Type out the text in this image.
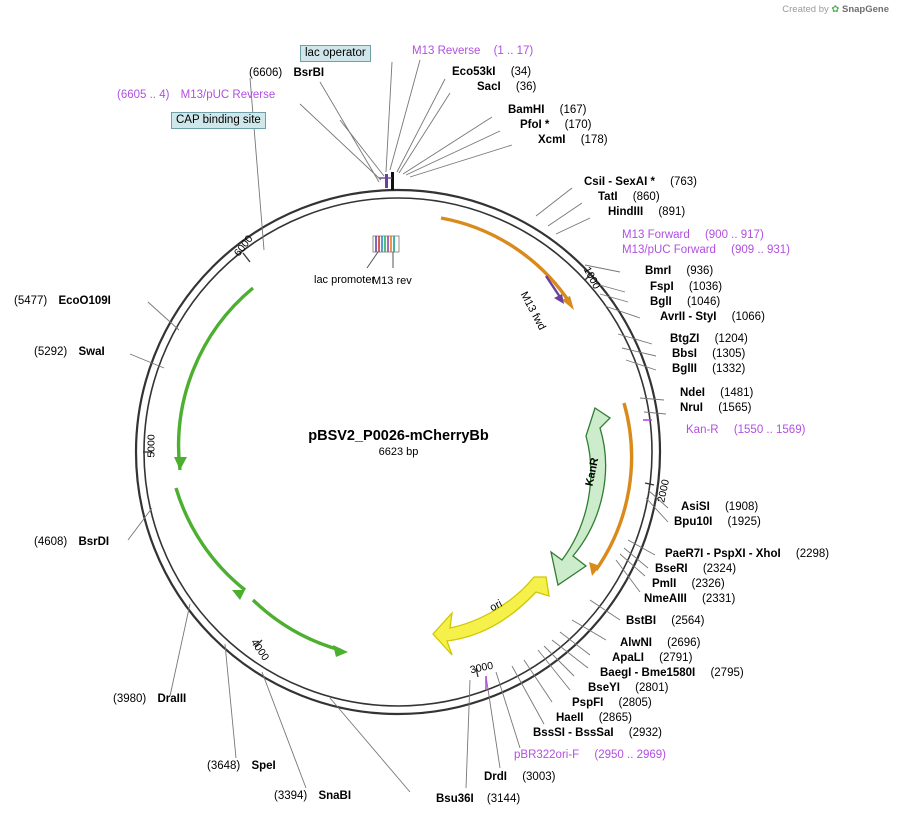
Created by ✿ SnapGene
lac operator
CAP binding site
pBSV2_P0026-mCherryBb
6623 bp
1000
2000
3000
4000
5000
6000
lac promoter
M13 rev
M13 fwd
KanR
ori
M13 Reverse (1 .. 17)
Eco53kI (34)
SacI (36)
BamHI (167)
PfoI * (170)
XcmI (178)
(6606) BsrBI
(6605 .. 4) M13/pUC Reverse
(5477) EcoO109I
(5292) SwaI
(4608) BsrDI
(3980) DraIII
(3648) SpeI
(3394) SnaBI	Bsu36I (3144)
CsiI - SexAI * (763)
TatI (860)
HindIII (891)
M13 Forward (900 .. 917)
M13/pUC Forward (909 .. 931)
BmrI (936)
FspI (1036)
BglI (1046)
AvrII - StyI (1066)
BtgZI (1204)
BbsI (1305)
BglII (1332)
NdeI (1481)
NruI (1565)
Kan-R (1550 .. 1569)
AsiSI (1908)
Bpu10I (1925)
PaeR7I - PspXI - XhoI (2298)
BseRI (2324)
PmlI (2326)
NmeAIII (2331)
BstBI (2564)
AlwNI (2696)
ApaLI (2791)
BaegI - Bme1580I (2795)
BseYI (2801)
PspFI (2805)
HaeII (2865)
BssSI - BssSaI (2932)
pBR322ori-F (2950 .. 2969)
DrdI (3003)
